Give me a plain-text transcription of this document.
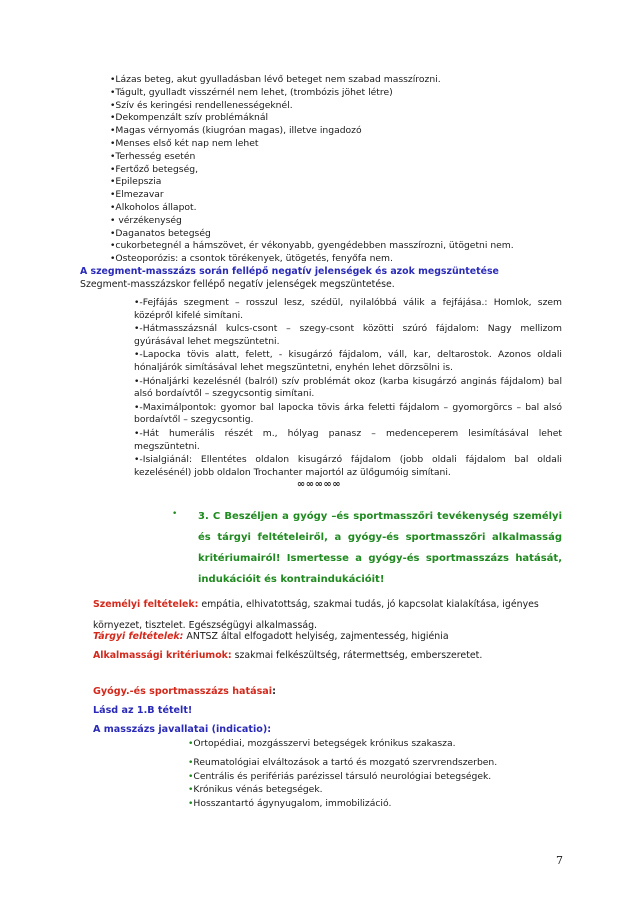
•Lázas beteg, akut gyulladásban lévő beteget nem szabad masszírozni.
•Tágult, gyulladt visszérnél nem lehet, (trombózis jöhet létre)
•Szív és keringési rendellenességeknél.
•Dekompenzált szív problémáknál
•Magas vérnyomás (kiugróan magas), illetve ingadozó
•Menses első két nap nem lehet
•Terhesség esetén
•Fertőző betegség,
•Epilepszia
•Elmezavar
•Alkoholos állapot.
• vérzékenység
•Daganatos betegség
•cukorbetegnél a hámszövet, ér vékonyabb, gyengédebben masszírozni, ütögetni nem.
•Osteoporózis: a csontok törékenyek, ütögetés, fenyőfa nem.
A szegment-masszázs során fellépő negatív jelenségek és azok megszüntetése
Szegment-masszázskor fellépő negatív jelenségek megszüntetése.
•-Fejfájás szegment – rosszul lesz, szédül, nyilalóbbá válik a fejfájása.: Homlok, szem középről kifelé simítani.
•-Hátmasszázsnál kulcs-csont – szegy-csont közötti szúró fájdalom: Nagy mellizom gyúrásával lehet megszüntetni.
•-Lapocka tövis alatt, felett, - kisugárzó fájdalom, váll, kar, deltarostok. Azonos oldali hónaljárók simításával lehet megszüntetni, enyhén lehet dörzsölni is.
•-Hónaljárki kezelésnél (balról) szív problémát okoz (karba kisugárzó anginás fájdalom) bal alsó bordaívtől – szegycsontig simítani.
•-Maximálpontok: gyomor bal lapocka tövis árka feletti fájdalom – gyomorgörcs – bal alsó bordaívtől – szegycsontig.
•-Hát humerális részét m., hólyag panasz – medenceperem lesimításával lehet megszüntetni.
•-Isialgiánál: Ellentétes oldalon kisugárzó fájdalom (jobb oldali fájdalom bal oldali kezelésénél) jobb oldalon Trochanter majortól az ülőgumóig simítani.
∞∞∞∞∞
• 3. C Beszéljen a gyógy –és sportmasszőri tevékenység személyi és tárgyi feltételeiről, a gyógy-és sportmasszőri alkalmasság kritériumairól! Ismertesse a gyógy-és sportmasszázs hatását, indukációit és kontraindukációit!

Személyi feltételek: empátia, elhivatottság, szakmai tudás, jó kapcsolat kialakítása, igényes környezet, tisztelet. Egészségügyi alkalmasság.
Tárgyi feltételek: ANTSZ által elfogadott helyiség, zajmentesség, higiénia
Alkalmassági kritériumok: szakmai felkészültség, rátermettség, emberszeretet.
Gyógy.-és sportmasszázs hatásai:
Lásd az 1.B tételt!
A masszázs javallatai (indicatio):
•Ortopédiai, mozgásszervi betegségek krónikus szakasza.
•Reumatológiai elváltozások a tartó és mozgató szervrendszerben.
•Centrális és perifériás parézissel társuló neurológiai betegségek.
•Krónikus vénás betegségek.
•Hosszantartó ágynyugalom, immobilizáció.
7
